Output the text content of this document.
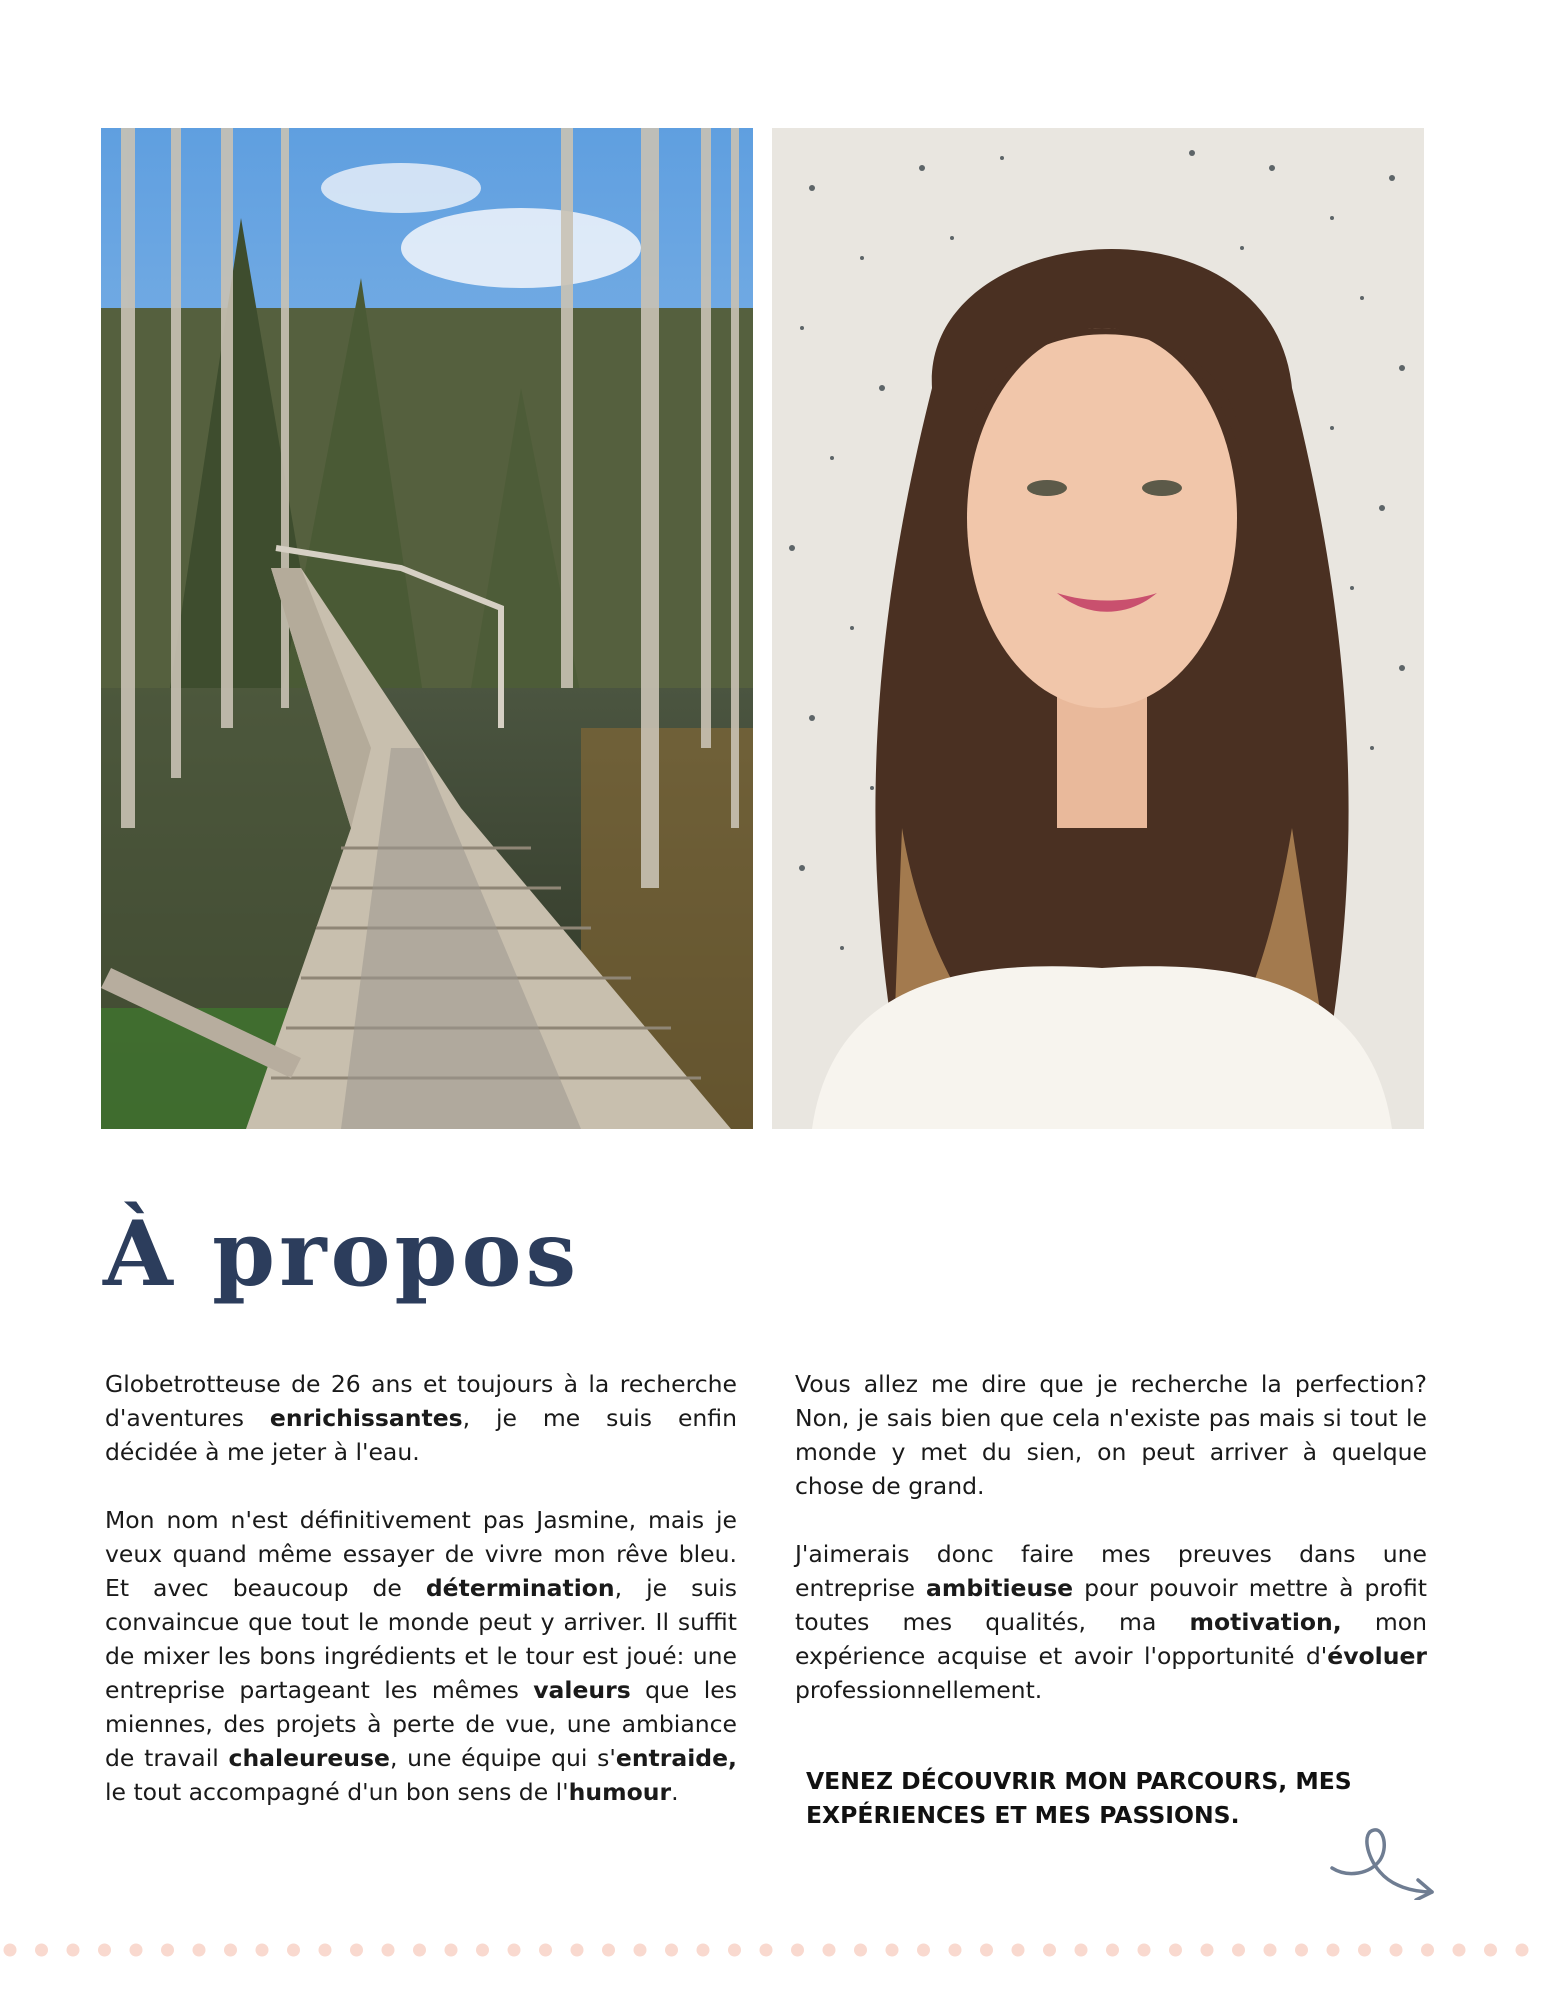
À propos

Globetrotteuse de 26 ans et toujours à la recherche d'aventures enrichissantes, je me suis enfin décidée à me jeter à l'eau.

Mon nom n'est définitivement pas Jasmine, mais je veux quand même essayer de vivre mon rêve bleu. Et avec beaucoup de détermination, je suis convaincue que tout le monde peut y arriver. Il suffit de mixer les bons ingrédients et le tour est joué: une entreprise partageant les mêmes valeurs que les miennes, des projets à perte de vue, une ambiance de travail chaleureuse, une équipe qui s'entraide, le tout accompagné d'un bon sens de l'humour.

Vous allez me dire que je recherche la perfection? Non, je sais bien que cela n'existe pas mais si tout le monde y met du sien, on peut arriver à quelque chose de grand.

J'aimerais donc faire mes preuves dans une entreprise ambitieuse pour pouvoir mettre à profit toutes mes qualités, ma motivation, mon expérience acquise et avoir l'opportunité d'évoluer professionnellement.

VENEZ DÉCOUVRIR MON PARCOURS, MES
EXPÉRIENCES ET MES PASSIONS.
